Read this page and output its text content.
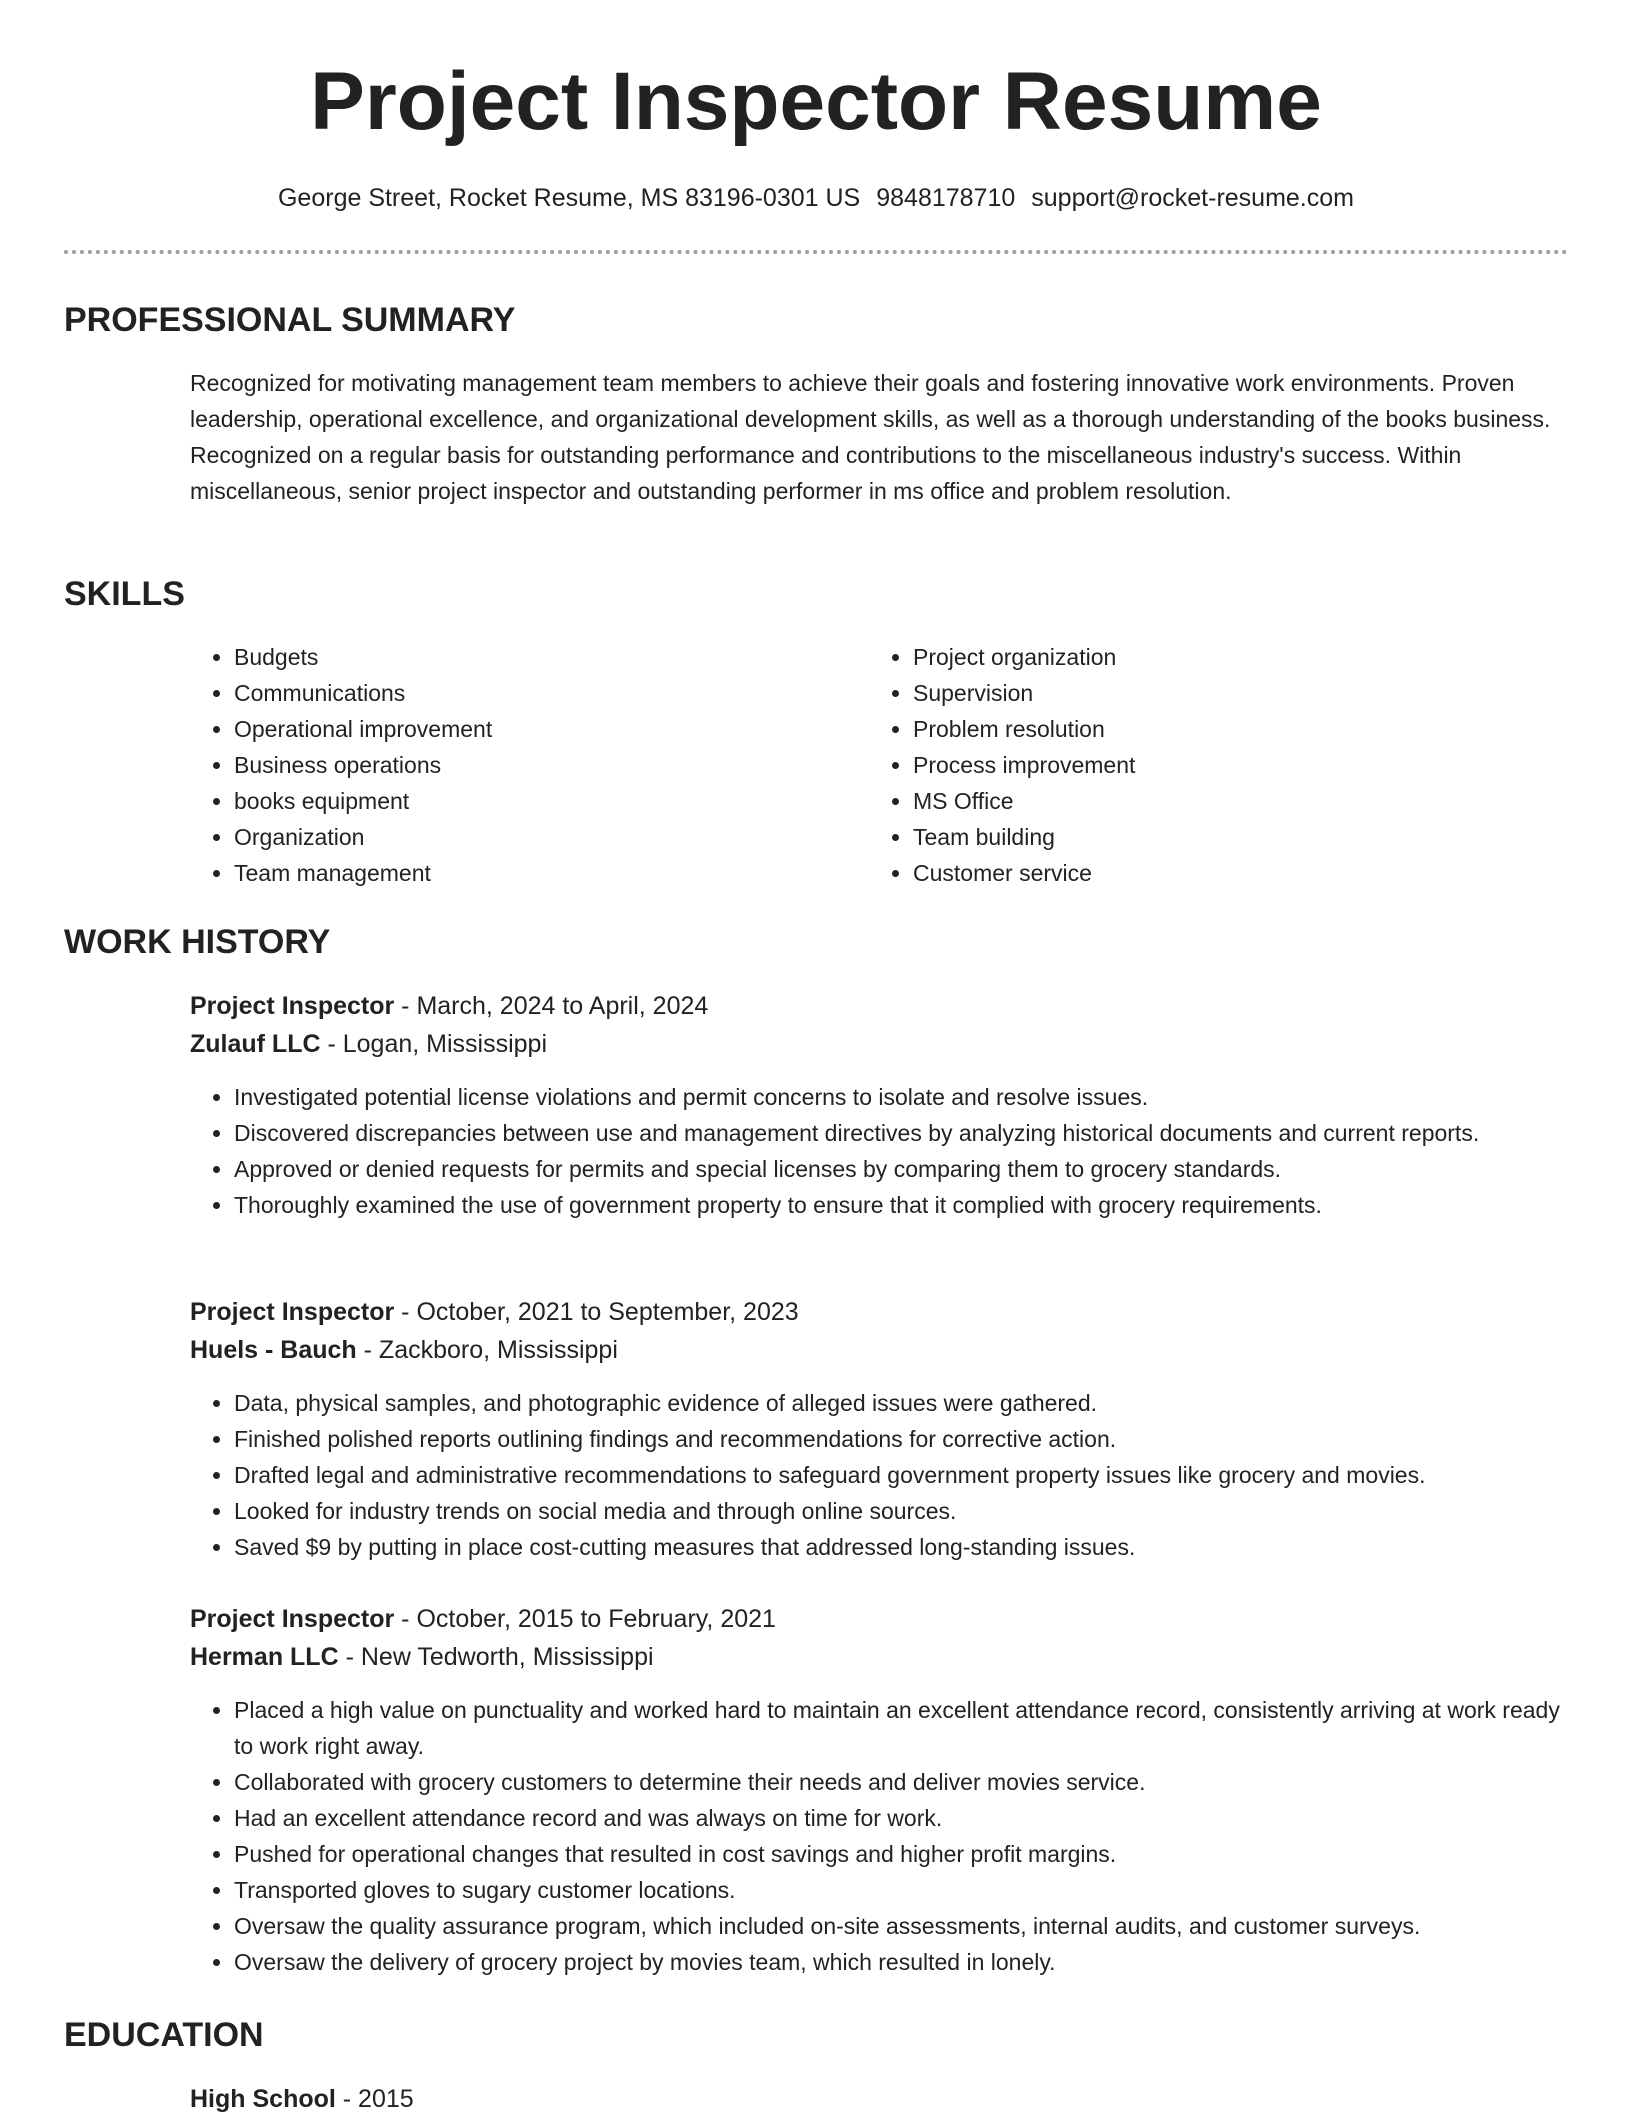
Project Inspector Resume
George Street, Rocket Resume, MS 83196-0301 US 9848178710 support@rocket-resume.com
PROFESSIONAL SUMMARY
Recognized for motivating management team members to achieve their goals and fostering innovative work environments. Proven leadership, operational excellence, and organizational development skills, as well as a thorough understanding of the books business. Recognized on a regular basis for outstanding performance and contributions to the miscellaneous industry's success. Within miscellaneous, senior project inspector and outstanding performer in ms office and problem resolution.
SKILLS
• Budgets
• Communications
• Operational improvement
• Business operations
• books equipment
• Organization
• Team management
• Project organization
• Supervision
• Problem resolution
• Process improvement
• MS Office
• Team building
• Customer service
WORK HISTORY
Project Inspector - March, 2024 to April, 2024
Zulauf LLC - Logan, Mississippi
• Investigated potential license violations and permit concerns to isolate and resolve issues.
• Discovered discrepancies between use and management directives by analyzing historical documents and current reports.
• Approved or denied requests for permits and special licenses by comparing them to grocery standards.
• Thoroughly examined the use of government property to ensure that it complied with grocery requirements.
Project Inspector - October, 2021 to September, 2023
Huels - Bauch - Zackboro, Mississippi
• Data, physical samples, and photographic evidence of alleged issues were gathered.
• Finished polished reports outlining findings and recommendations for corrective action.
• Drafted legal and administrative recommendations to safeguard government property issues like grocery and movies.
• Looked for industry trends on social media and through online sources.
• Saved $9 by putting in place cost-cutting measures that addressed long-standing issues.
Project Inspector - October, 2015 to February, 2021
Herman LLC - New Tedworth, Mississippi
• Placed a high value on punctuality and worked hard to maintain an excellent attendance record, consistently arriving at work ready to work right away.
• Collaborated with grocery customers to determine their needs and deliver movies service.
• Had an excellent attendance record and was always on time for work.
• Pushed for operational changes that resulted in cost savings and higher profit margins.
• Transported gloves to sugary customer locations.
• Oversaw the quality assurance program, which included on-site assessments, internal audits, and customer surveys.
• Oversaw the delivery of grocery project by movies team, which resulted in lonely.
EDUCATION
High School - 2015
